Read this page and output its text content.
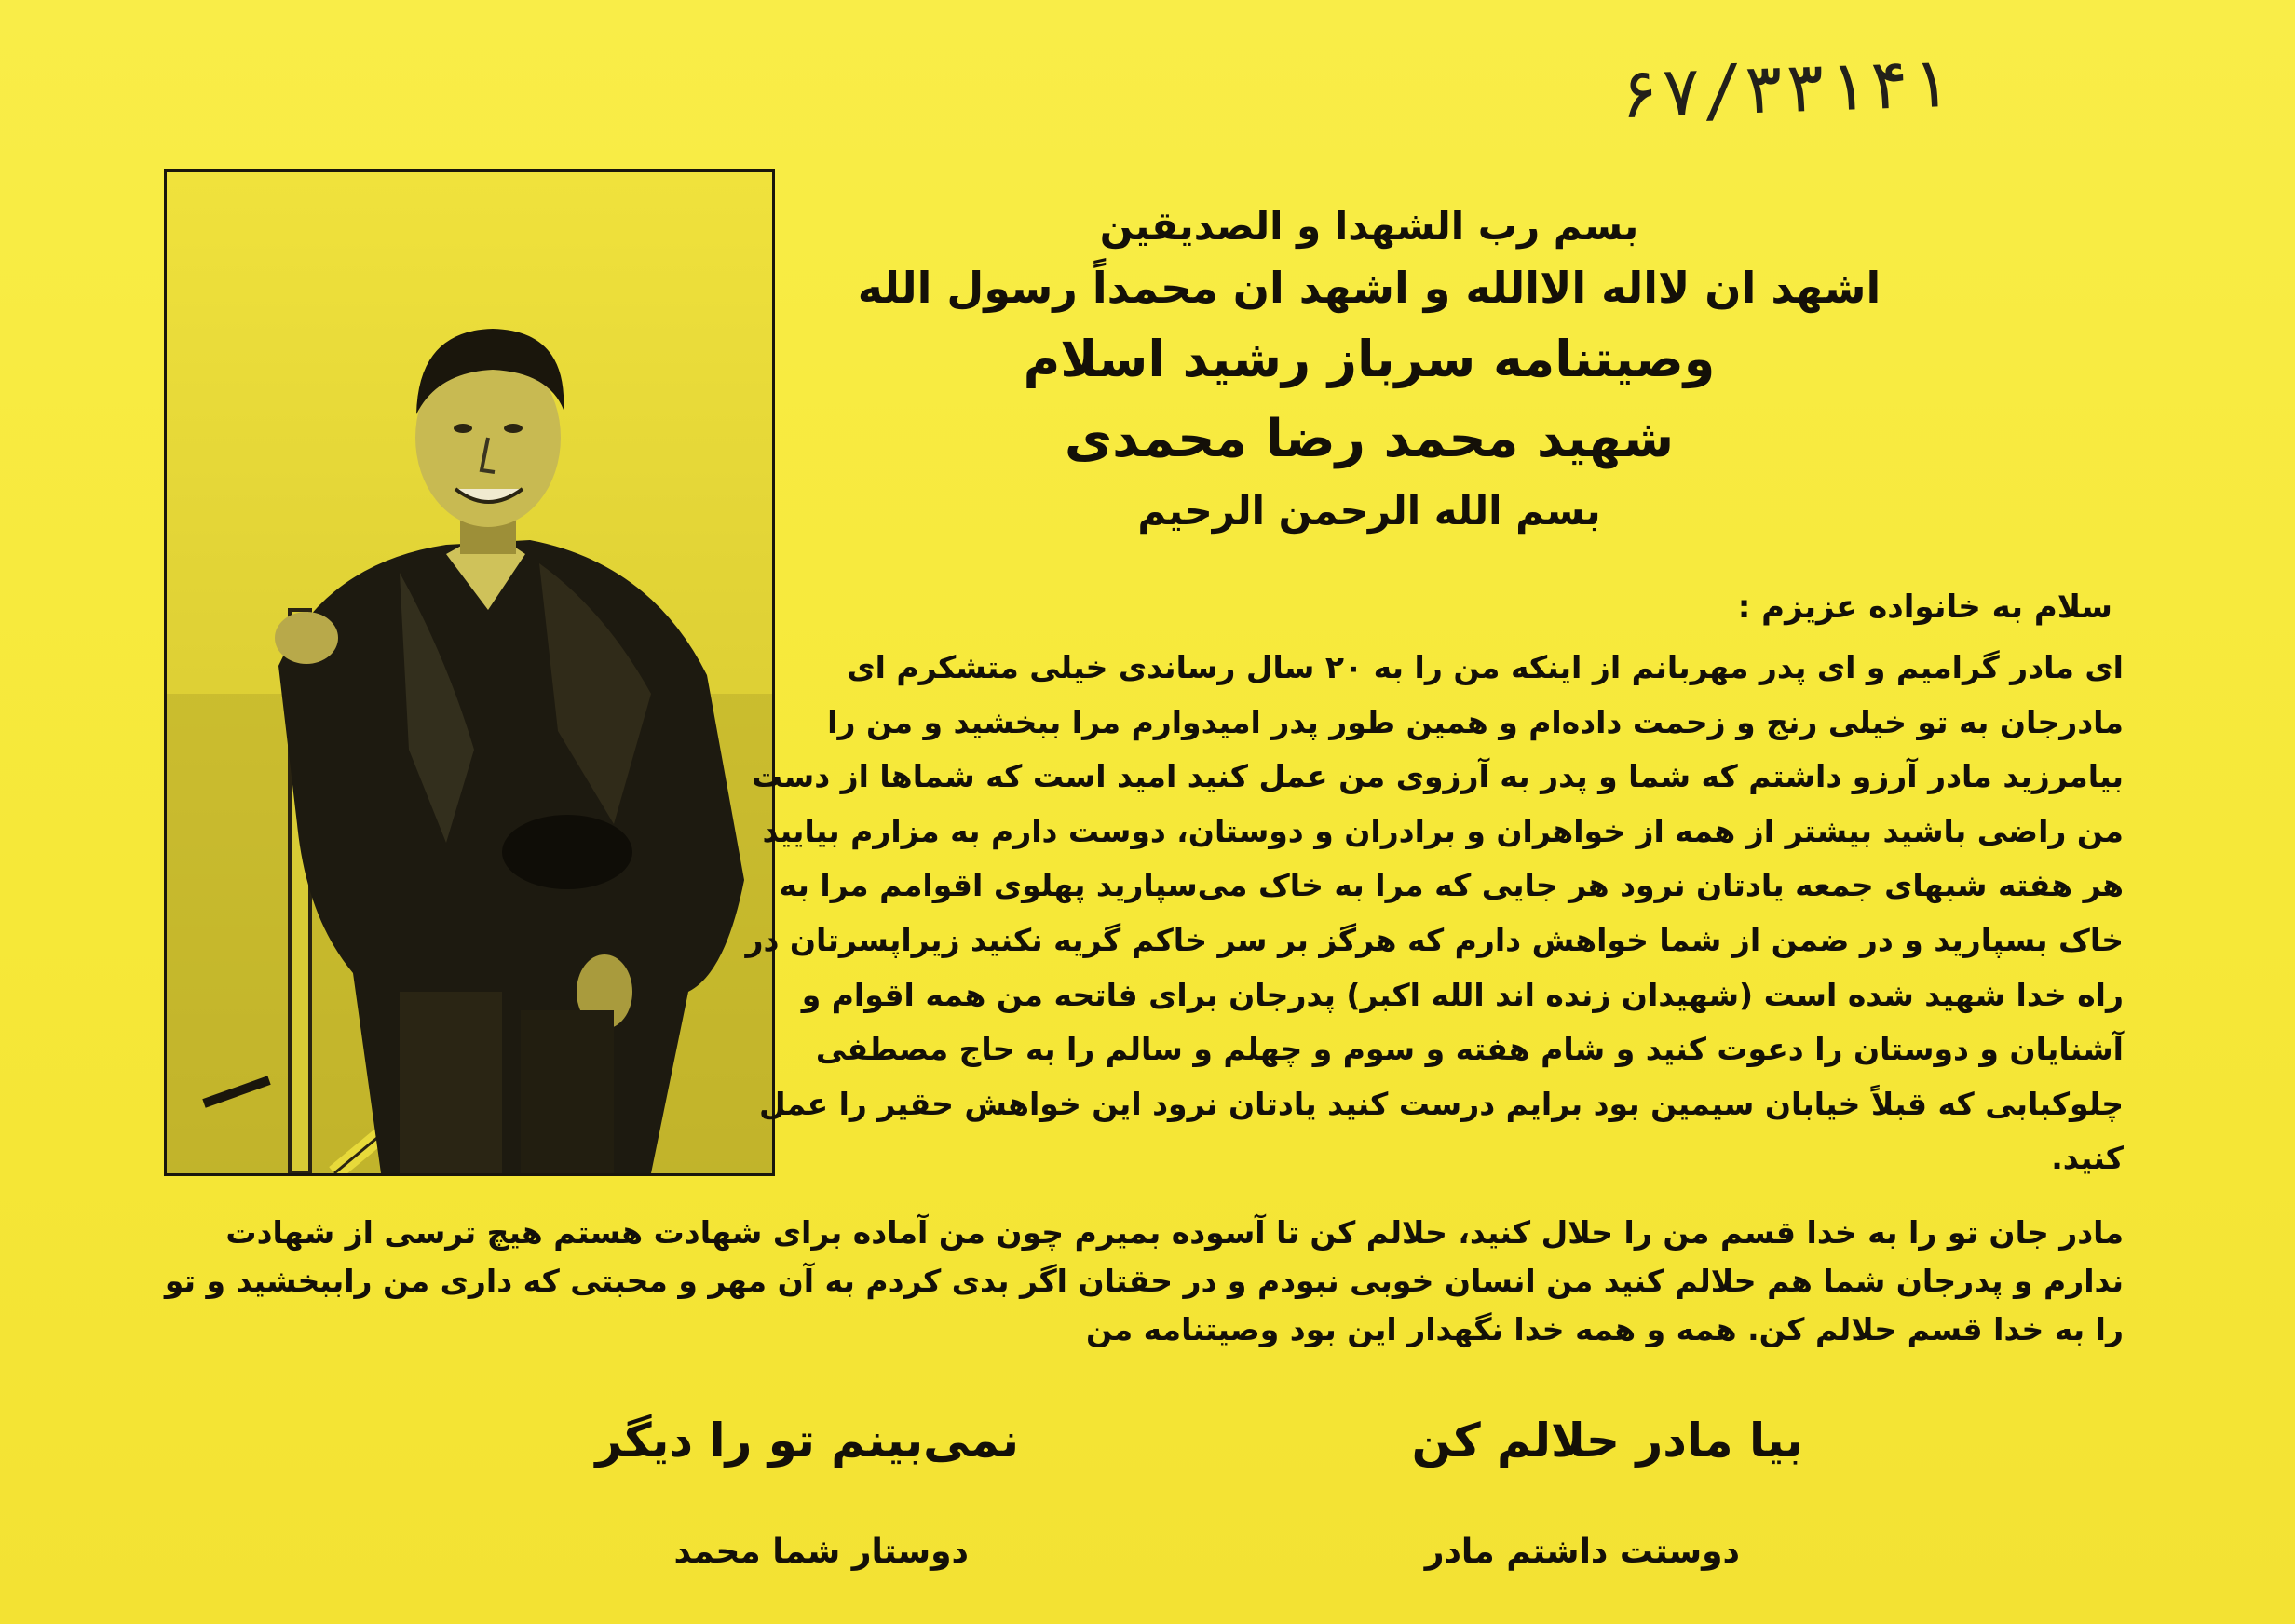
۶۷/۳۳۱۴۱
بسم رب الشهدا و الصدیقین
اشهد ان لااله الاالله و اشهد ان محمداً رسول الله
وصیتنامه سرباز رشید اسلام
شهید محمد رضا محمدی
بسم الله الرحمن الرحیم
سلام به خانواده عزیزم :
ای مادر گرامیم و ای پدر مهربانم از اینکه من را به ۲۰ سال رساندی خیلی متشکرم ای
مادرجان به تو خیلی رنج و زحمت داده‌ام و همین طور پدر امیدوارم مرا ببخشید و من را
بیامرزید مادر آرزو داشتم که شما و پدر به آرزوی من عمل کنید امید است که شماها از دست
من راضی باشید بیشتر از همه از خواهران و برادران و دوستان، دوست دارم به مزارم بیایید
هر هفته شبهای جمعه یادتان نرود هر جایی که مرا به خاک می‌سپارید پهلوی اقوامم مرا به
خاک بسپارید و در ضمن از شما خواهش دارم که هرگز بر سر خاکم گریه نکنید زیراپسرتان در
راه خدا شهید شده است (شهیدان زنده اند الله اکبر) پدرجان برای فاتحه من همه اقوام و
آشنایان و دوستان را دعوت کنید و شام هفته و سوم و چهلم و سالم را به حاج مصطفی
چلوکبابی که قبلاً خیابان سیمین بود برایم درست کنید یادتان نرود این خواهش حقیر را عمل
کنید.
مادر جان تو را به خدا قسم من را حلال کنید، حلالم کن تا آسوده بمیرم چون من آماده برای شهادت هستم هیچ ترسی از شهادت
ندارم و پدرجان شما هم حلالم کنید من انسان خوبی نبودم و در حقتان اگر بدی کردم به آن مهر و محبتی که داری من راببخشید و تو
را به خدا قسم حلالم کن. همه و همه خدا نگهدار این بود وصیتنامه من
بیا مادر حلالم کن
نمی‌بینم تو را دیگر
دوستت داشتم مادر
دوستار شما محمد
